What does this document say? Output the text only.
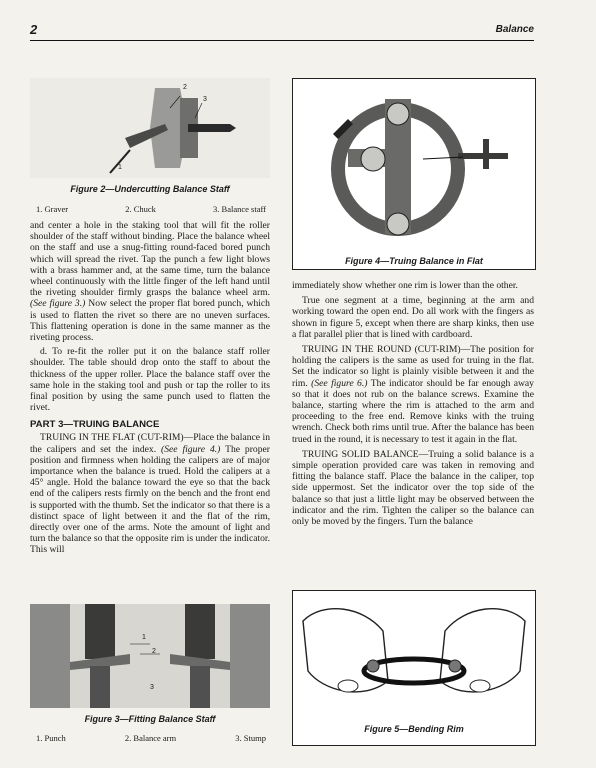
2	Balance
1
2
3
Figure 2—Undercutting Balance Staff
1. Graver	2. Chuck	3. Balance staff

and center a hole in the staking tool that will fit the roller shoulder of the staff without binding. Place the balance wheel on the staff and use a snug-fitting round-faced bored punch which will spread the rivet. Tap the punch a few light blows with a brass hammer and, at the same time, turn the balance wheel continuously with the little finger of the left hand until the riveting shoulder firmly grasps the balance wheel arm. (See figure 3.) Now select the proper flat bored punch, which is used to flatten the rivet so there are no uneven surfaces. This flattening operation is done in the same manner as the riveting process.

d. To re-fit the roller put it on the balance staff roller shoulder. The table should drop onto the staff to about the thickness of the upper roller. Place the balance staff over the same hole in the staking tool and push or tap the roller to its final position by using the same punch used to flatten the rivet.

PART 3—TRUING BALANCE

TRUING IN THE FLAT (CUT-RIM)—Place the balance in the calipers and set the index. (See figure 4.) The proper position and firmness when holding the calipers are of major importance when the balance is trued. Hold the calipers at a 45° angle. Hold the balance toward the eye so that the back end of the calipers rests firmly on the bench and the front end is supported with the thumb. Set the indicator so that there is a distinct space of light between it and the flat of the rim, directly over one of the arms. Note the amount of light and turn the balance so that the opposite rim is under the indicator. This will

1
2
3
Figure 3—Fitting Balance Staff
1. Punch	2. Balance arm	3. Stump
Figure 4—Truing Balance in Flat

immediately show whether one rim is lower than the other.

True one segment at a time, beginning at the arm and working toward the open end. Do all work with the fingers as shown in figure 5, except when there are sharp kinks, then use a flat parallel plier that is lined with cardboard.

TRUING IN THE ROUND (CUT-RIM)—The position for holding the calipers is the same as used for truing in the flat. Set the indicator so light is plainly visible between it and the rim. (See figure 6.) The indicator should be far enough away so that it does not rub on the balance screws. Examine the balance, starting where the rim is attached to the arm and proceeding to the free end. Remove kinks with the truing wrench. Check both rims until true. After the balance has been trued in the round, it is necessary to test it again in the flat.

TRUING SOLID BALANCE—Truing a solid balance is a simple operation provided care was taken in removing and fitting the balance staff. Place the balance in the caliper, top side uppermost. Set the indicator over the top side of the balance so that just a little light may be observed between the indicator and the rim. Tighten the caliper so the balance can only be moved by the fingers. Turn the balance

Figure 5—Bending Rim
